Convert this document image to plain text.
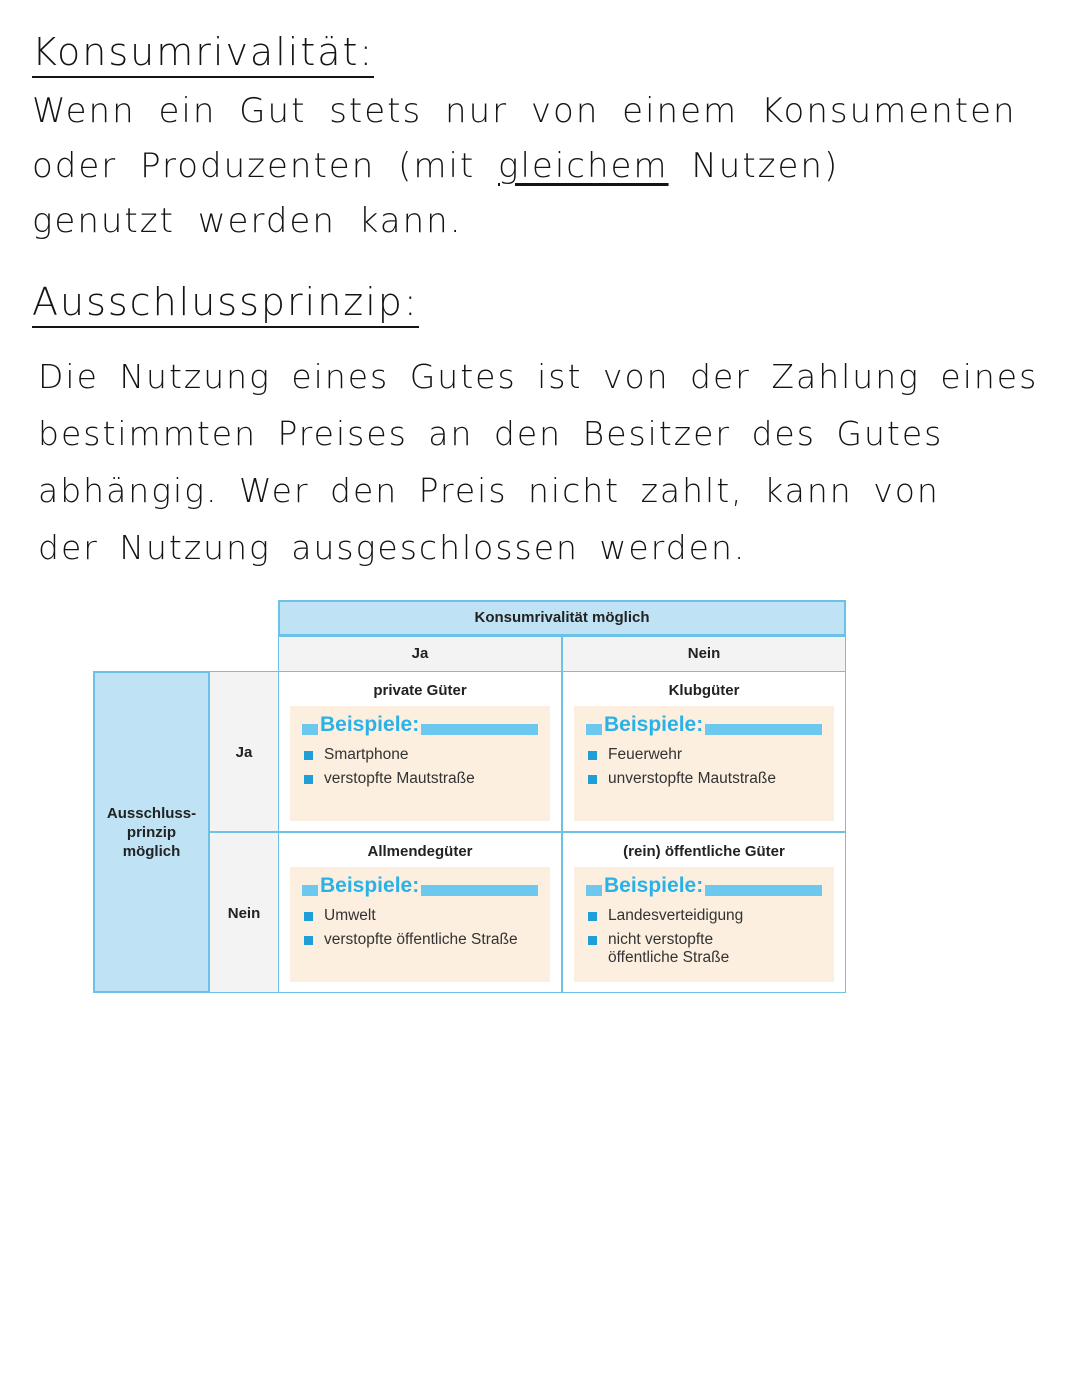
Konsumrivalität:
Wenn ein Gut stets nur von einem Konsumenten
oder Produzenten (mit gleichem Nutzen)
genutzt werden kann.
Ausschlussprinzip:
Die Nutzung eines Gutes ist von der Zahlung eines
bestimmten Preises an den Besitzer des Gutes
abhängig. Wer den Preis nicht zahlt, kann von
der Nutzung ausgeschlossen werden.
Konsumrivalität möglich
Ja	Nein
Ausschluss-
prinzip
möglich
Ja
Nein
private Güter
Beispiele:
Smartphone
verstopfte Mautstraße
Klubgüter
Beispiele:
Feuerwehr
unverstopfte Mautstraße
Allmendegüter
Beispiele:
Umwelt
verstopfte öffentliche Straße
(rein) öffentliche Güter
Beispiele:
Landesverteidigung
nicht verstopfte öffentliche Straße
